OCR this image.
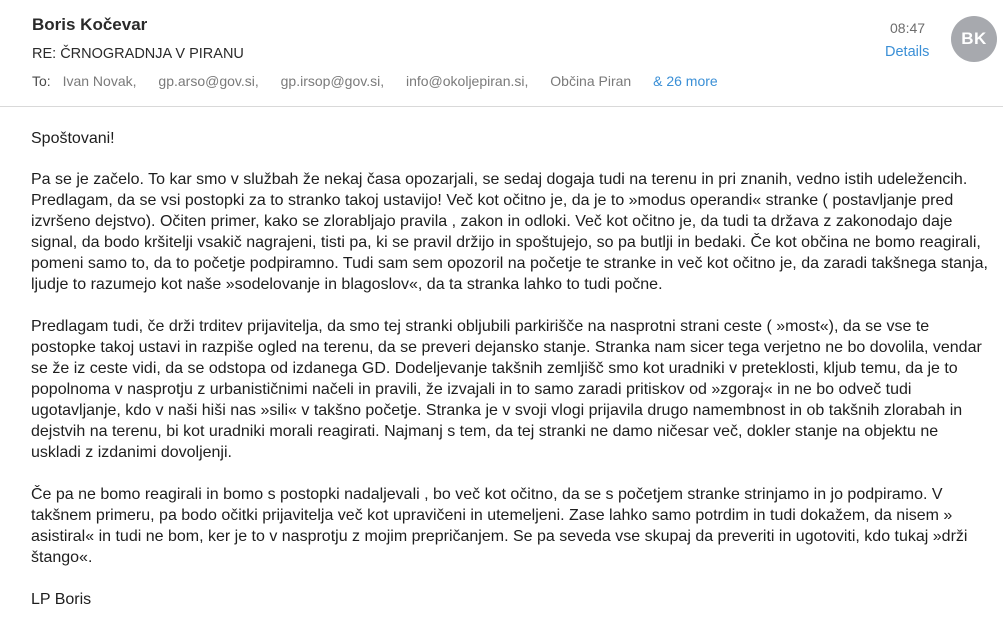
Boris Kočevar
RE: ČRNOGRADNJA V PIRANU
To: Ivan Novak, gp.arso@gov.si, gp.irsop@gov.si, info@okoljepiran.si, Občina Piran & 26 more
08:47
Details
BK

Spoštovani!

Pa se je začelo. To kar smo v službah že nekaj časa opozarjali, se sedaj dogaja tudi na terenu in pri znanih, vedno istih udeležencih. Predlagam, da se vsi postopki za to stranko takoj ustavijo! Več kot očitno je, da je to »modus operandi« stranke ( postavljanje pred izvršeno dejstvo). Očiten primer, kako se zlorabljajo pravila , zakon in odloki. Več kot očitno je, da tudi ta država z zakonodajo daje signal, da bodo kršitelji vsakič nagrajeni, tisti pa, ki se pravil držijo in spoštujejo, so pa butlji in bedaki. Če kot občina ne bomo reagirali, pomeni samo to, da to početje podpiramno. Tudi sam sem opozoril na početje te stranke in več kot očitno je, da zaradi takšnega stanja, ljudje to razumejo kot naše »sodelovanje in blagoslov«, da ta stranka lahko to tudi počne.

Predlagam tudi, če drži trditev prijavitelja, da smo tej stranki obljubili parkirišče na nasprotni strani ceste ( »most«), da se vse te postopke takoj ustavi in razpiše ogled na terenu, da se preveri dejansko stanje. Stranka nam sicer tega verjetno ne bo dovolila, vendar se že iz ceste vidi, da se odstopa od izdanega GD. Dodeljevanje takšnih zemljišč smo kot uradniki v preteklosti, kljub temu, da je to popolnoma v nasprotju z urbanističnimi načeli in pravili, že izvajali in to samo zaradi pritiskov od »zgoraj« in ne bo odveč tudi ugotavljanje, kdo v naši hiši nas »sili« v takšno početje. Stranka je v svoji vlogi prijavila drugo namembnost in ob takšnih zlorabah in dejstvih na terenu, bi kot uradniki morali reagirati. Najmanj s tem, da tej stranki ne damo ničesar več, dokler stanje na objektu ne uskladi z izdanimi dovoljenji.

Če pa ne bomo reagirali in bomo s postopki nadaljevali , bo več kot očitno, da se s početjem stranke strinjamo in jo podpiramo. V takšnem primeru, pa bodo očitki prijavitelja več kot upravičeni in utemeljeni. Zase lahko samo potrdim in tudi dokažem, da nisem » asistiral« in tudi ne bom, ker je to v nasprotju z mojim prepričanjem. Se pa seveda vse skupaj da preveriti in ugotoviti, kdo tukaj »drži štango«.

LP Boris
